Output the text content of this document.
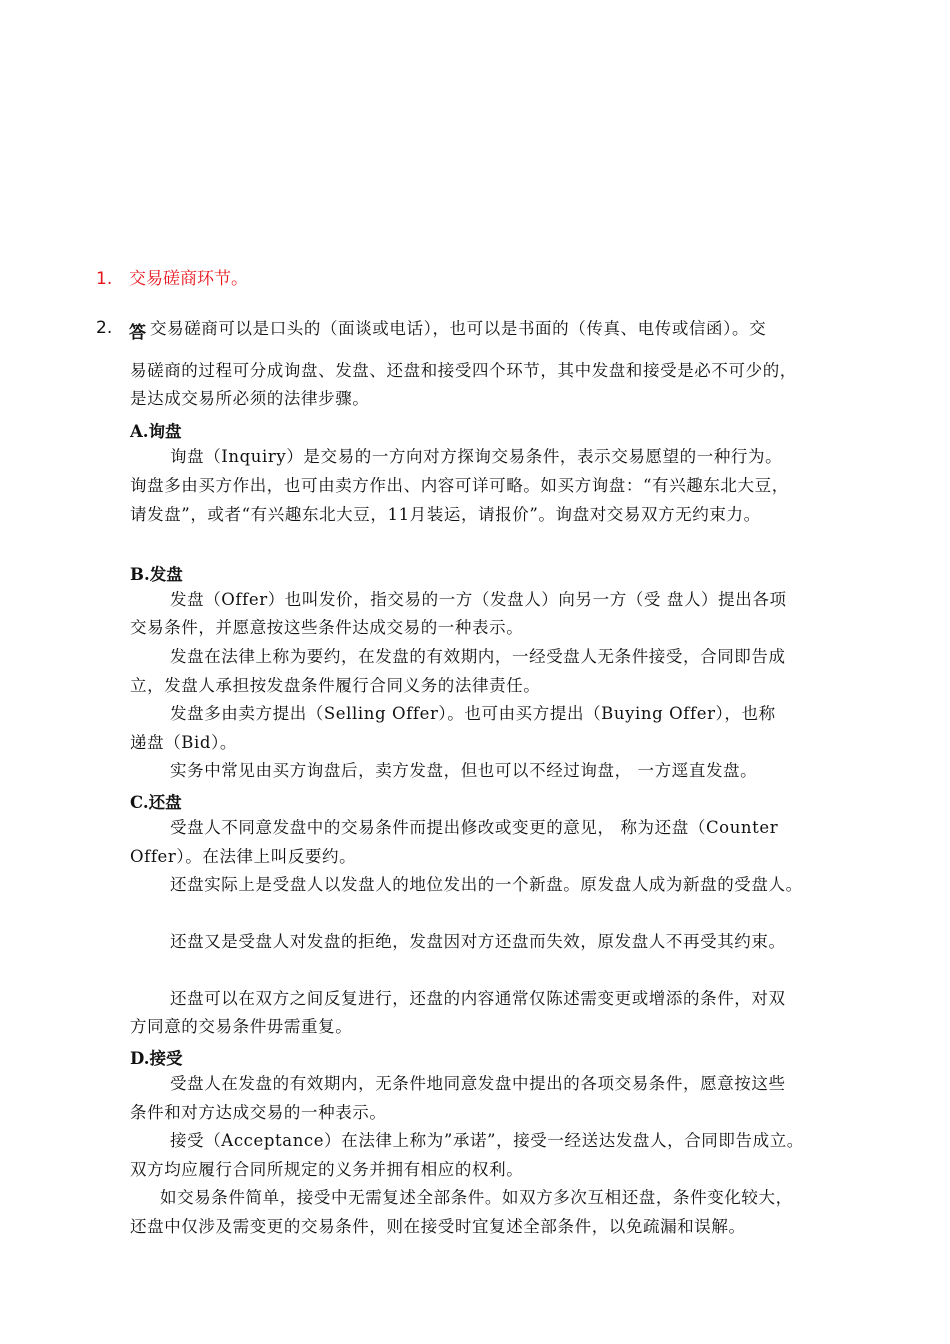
1. 交易磋商环节。
2. 答 交易磋商可以是口头的（面谈或电话），也可以是书面的（传真、电传或信函）。交
易磋商的过程可分成询盘、发盘、还盘和接受四个环节，其中发盘和接受是必不可少的，
是达成交易所必须的法律步骤。
A.询盘
询盘（Inquiry）是交易的一方向对方探询交易条件，表示交易愿望的一种行为。
询盘多由买方作出，也可由卖方作出、内容可详可略。如买方询盘：“有兴趣东北大豆，
请发盘”，或者“有兴趣东北大豆，11月装运，请报价”。询盘对交易双方无约束力。
B.发盘
发盘（Offer）也叫发价，指交易的一方（发盘人）向另一方（受 盘人）提出各项
交易条件，并愿意按这些条件达成交易的一种表示。
发盘在法律上称为要约，在发盘的有效期内，一经受盘人无条件接受，合同即告成
立，发盘人承担按发盘条件履行合同义务的法律责任。
发盘多由卖方提出（Selling Offer）。也可由买方提出（Buying Offer），也称
递盘（Bid）。
实务中常见由买方询盘后，卖方发盘，但也可以不经过询盘， 一方逕直发盘。
C.还盘
受盘人不同意发盘中的交易条件而提出修改或变更的意见， 称为还盘（Counter
Offer）。在法律上叫反要约。
还盘实际上是受盘人以发盘人的地位发出的一个新盘。原发盘人成为新盘的受盘人。
还盘又是受盘人对发盘的拒绝，发盘因对方还盘而失效，原发盘人不再受其约束。
还盘可以在双方之间反复进行，还盘的内容通常仅陈述需变更或增添的条件，对双
方同意的交易条件毋需重复。
D.接受
受盘人在发盘的有效期内，无条件地同意发盘中提出的各项交易条件，愿意按这些
条件和对方达成交易的一种表示。
接受（Acceptance）在法律上称为”承诺”，接受一经送达发盘人，合同即告成立。
双方均应履行合同所规定的义务并拥有相应的权利。
如交易条件简单，接受中无需复述全部条件。如双方多次互相还盘，条件变化较大，
还盘中仅涉及需变更的交易条件，则在接受时宜复述全部条件，以免疏漏和误解。
